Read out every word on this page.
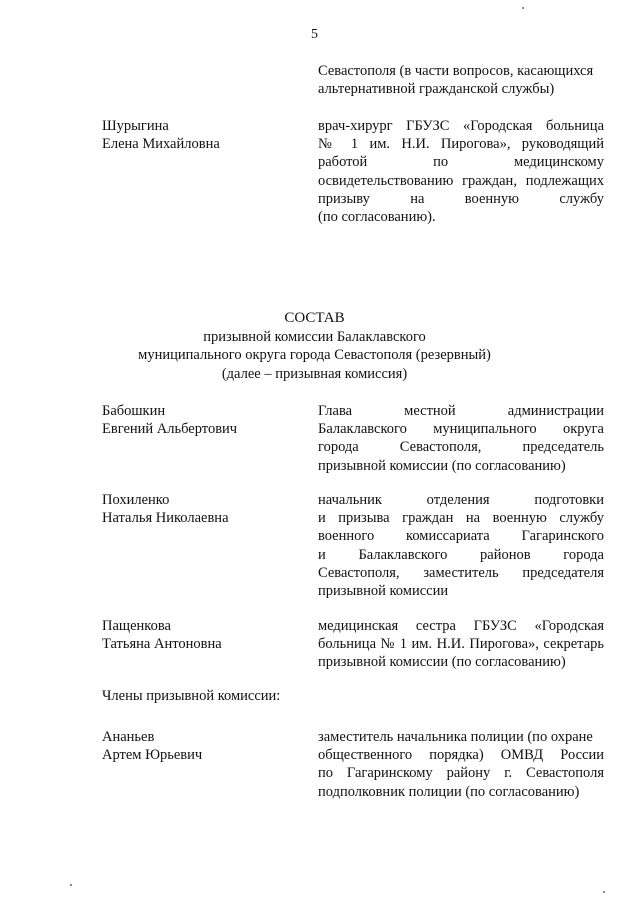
5
Севастополя (в части вопросов, касающихся
альтернативной гражданской службы)
Шурыгина
Елена Михайловна
врач-хирург ГБУЗС «Городская больница
№ 1 им. Н.И. Пирогова», руководящий
работой по медицинскому
освидетельствованию граждан, подлежащих
призыву на военную службу
(по согласованию).
СОСТАВ
призывной комиссии Балаклавского
муниципального округа города Севастополя (резервный)
(далее – призывная комиссия)
Бабошкин
Евгений Альбертович
Глава местной администрации
Балаклавского муниципального округа
города Севастополя, председатель
призывной комиссии (по согласованию)
Похиленко
Наталья Николаевна
начальник отделения подготовки
и призыва граждан на военную службу
военного комиссариата Гагаринского
и Балаклавского районов города
Севастополя, заместитель председателя
призывной комиссии
Пащенкова
Татьяна Антоновна
медицинская сестра ГБУЗС «Городская
больница № 1 им. Н.И. Пирогова», секретарь
призывной комиссии (по согласованию)
Члены призывной комиссии:
Ананьев
Артем Юрьевич
заместитель начальника полиции (по охране
общественного порядка) ОМВД России
по Гагаринскому району г. Севастополя
подполковник полиции (по согласованию)
